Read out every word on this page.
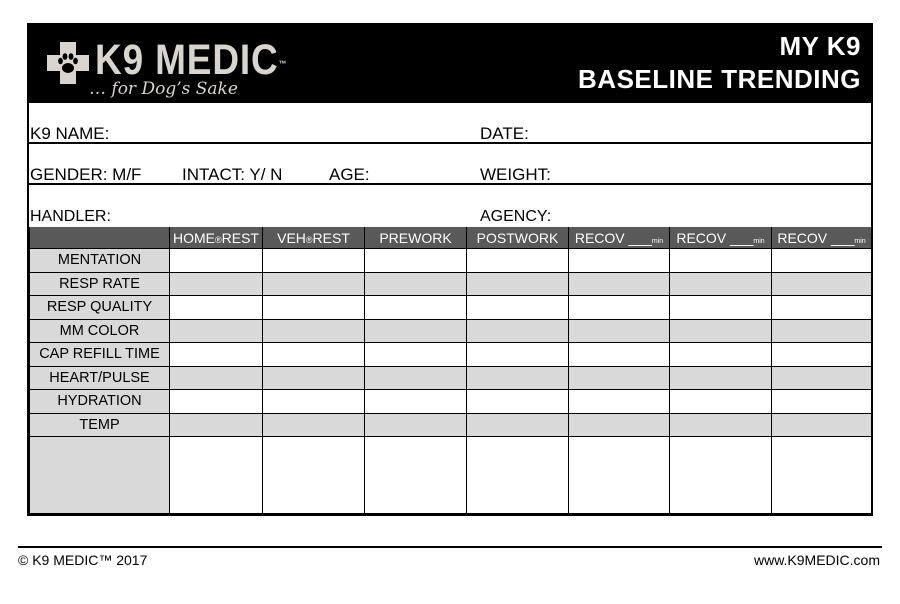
K9 MEDIC™
… for Dog’s Sake
MY K9
BASELINE TRENDING
K9 NAME:	DATE:
GENDER: M/F INTACT: Y/ N	AGE:	WEIGHT:
HANDLER:	AGENCY:
	HOME®REST	VEH®REST	PREWORK	POSTWORK	RECOV ___min	RECOV ___min	RECOV ___min
MENTATION							
RESP RATE							
RESP QUALITY							
MM COLOR							
CAP REFILL TIME							
HEART/PULSE							
HYDRATION							
TEMP							

© K9 MEDIC™ 2017	www.K9MEDIC.com
